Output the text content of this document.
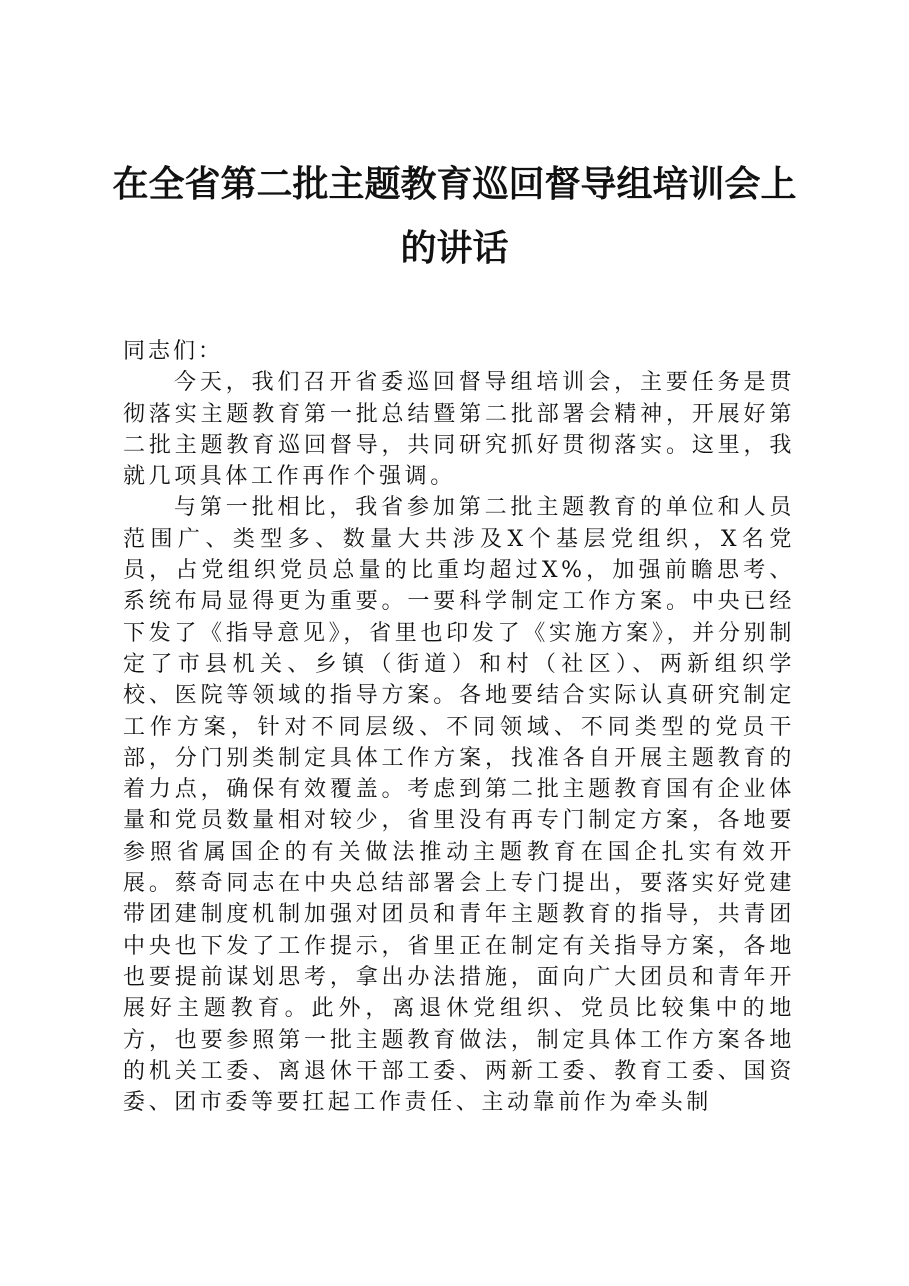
在全省第二批主题教育巡回督导组培训会上的讲话

同志们：

今天，我们召开省委巡回督导组培训会，主要任务是贯彻落实主题教育第一批总结暨第二批部署会精神，开展好第二批主题教育巡回督导，共同研究抓好贯彻落实。这里，我就几项具体工作再作个强调。

与第一批相比，我省参加第二批主题教育的单位和人员范围广、类型多、数量大共涉及X个基层党组织，X名党员，占党组织党员总量的比重均超过X%，加强前瞻思考、系统布局显得更为重要。一要科学制定工作方案。中央已经下发了《指导意见》，省里也印发了《实施方案》，并分别制定了市县机关、乡镇（街道）和村（社区）、两新组织学校、医院等领域的指导方案。各地要结合实际认真研究制定工作方案，针对不同层级、不同领域、不同类型的党员干部，分门别类制定具体工作方案，找准各自开展主题教育的着力点，确保有效覆盖。考虑到第二批主题教育国有企业体量和党员数量相对较少，省里没有再专门制定方案，各地要参照省属国企的有关做法推动主题教育在国企扎实有效开展。蔡奇同志在中央总结部署会上专门提出，要落实好党建带团建制度机制加强对团员和青年主题教育的指导，共青团中央也下发了工作提示，省里正在制定有关指导方案，各地也要提前谋划思考，拿出办法措施，面向广大团员和青年开展好主题教育。此外，离退休党组织、党员比较集中的地方，也要参照第一批主题教育做法，制定具体工作方案各地的机关工委、离退休干部工委、两新工委、教育工委、国资委、团市委等要扛起工作责任、主动靠前作为牵头制
